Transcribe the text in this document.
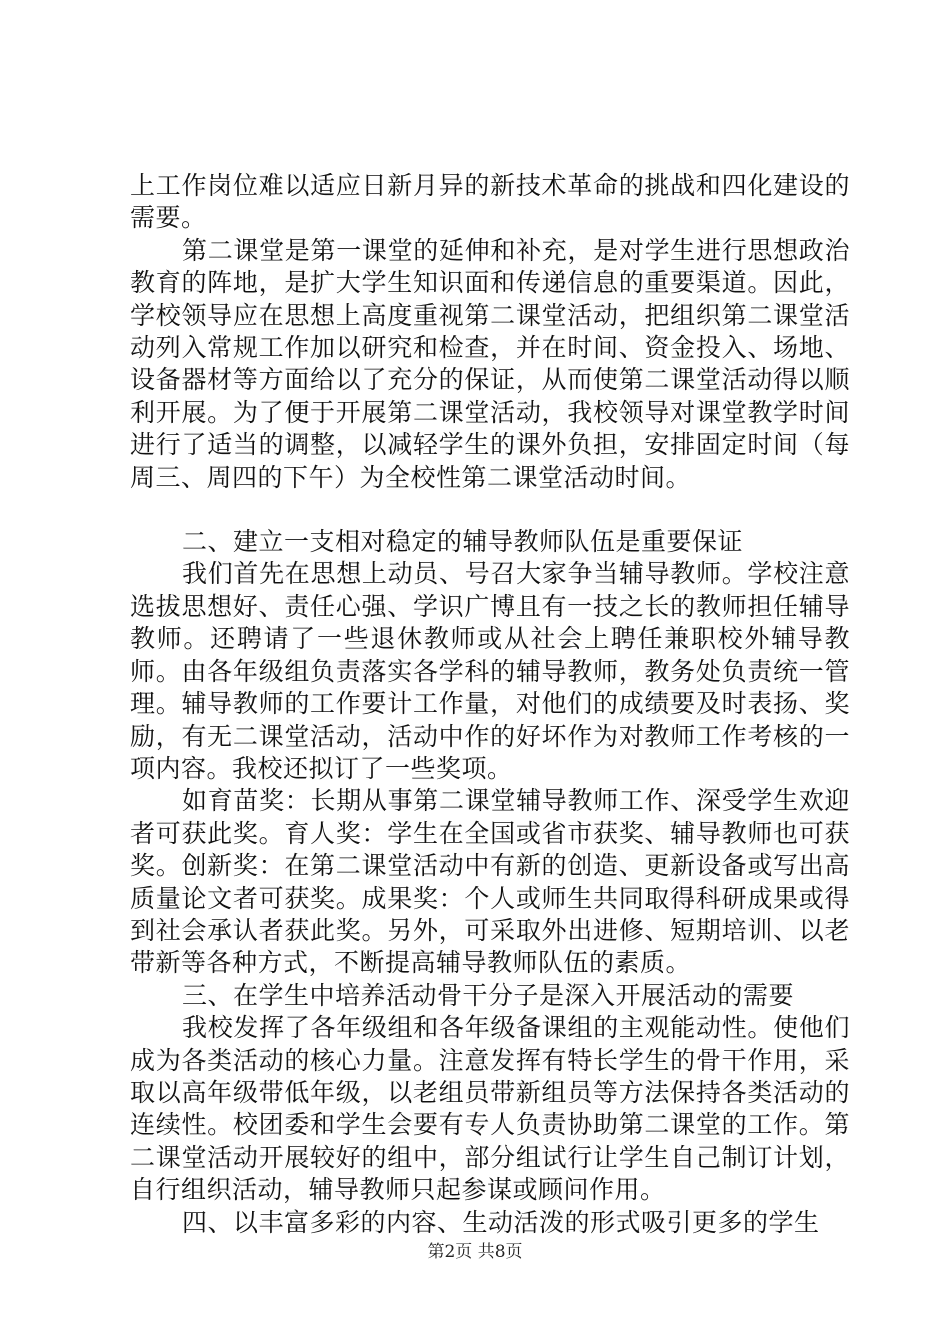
上工作岗位难以适应日新月异的新技术革命的挑战和四化建设的需要。

第二课堂是第一课堂的延伸和补充，是对学生进行思想政治教育的阵地，是扩大学生知识面和传递信息的重要渠道。因此，学校领导应在思想上高度重视第二课堂活动，把组织第二课堂活动列入常规工作加以研究和检查，并在时间、资金投入、场地、设备器材等方面给以了充分的保证，从而使第二课堂活动得以顺利开展。为了便于开展第二课堂活动，我校领导对课堂教学时间进行了适当的调整，以减轻学生的课外负担，安排固定时间（每周三、周四的下午）为全校性第二课堂活动时间。

二、建立一支相对稳定的辅导教师队伍是重要保证

我们首先在思想上动员、号召大家争当辅导教师。学校注意选拔思想好、责任心强、学识广博且有一技之长的教师担任辅导教师。还聘请了一些退休教师或从社会上聘任兼职校外辅导教师。由各年级组负责落实各学科的辅导教师，教务处负责统一管理。辅导教师的工作要计工作量，对他们的成绩要及时表扬、奖励，有无二课堂活动，活动中作的好坏作为对教师工作考核的一项内容。我校还拟订了一些奖项。

如育苗奖：长期从事第二课堂辅导教师工作、深受学生欢迎者可获此奖。育人奖：学生在全国或省市获奖、辅导教师也可获奖。创新奖：在第二课堂活动中有新的创造、更新设备或写出高质量论文者可获奖。成果奖：个人或师生共同取得科研成果或得到社会承认者获此奖。另外，可采取外出进修、短期培训、以老带新等各种方式，不断提高辅导教师队伍的素质。

三、在学生中培养活动骨干分子是深入开展活动的需要

我校发挥了各年级组和各年级备课组的主观能动性。使他们成为各类活动的核心力量。注意发挥有特长学生的骨干作用，采取以高年级带低年级，以老组员带新组员等方法保持各类活动的连续性。校团委和学生会要有专人负责协助第二课堂的工作。第二课堂活动开展较好的组中，部分组试行让学生自己制订计划，自行组织活动，辅导教师只起参谋或顾问作用。

四、以丰富多彩的内容、生动活泼的形式吸引更多的学生

第2页 共8页
